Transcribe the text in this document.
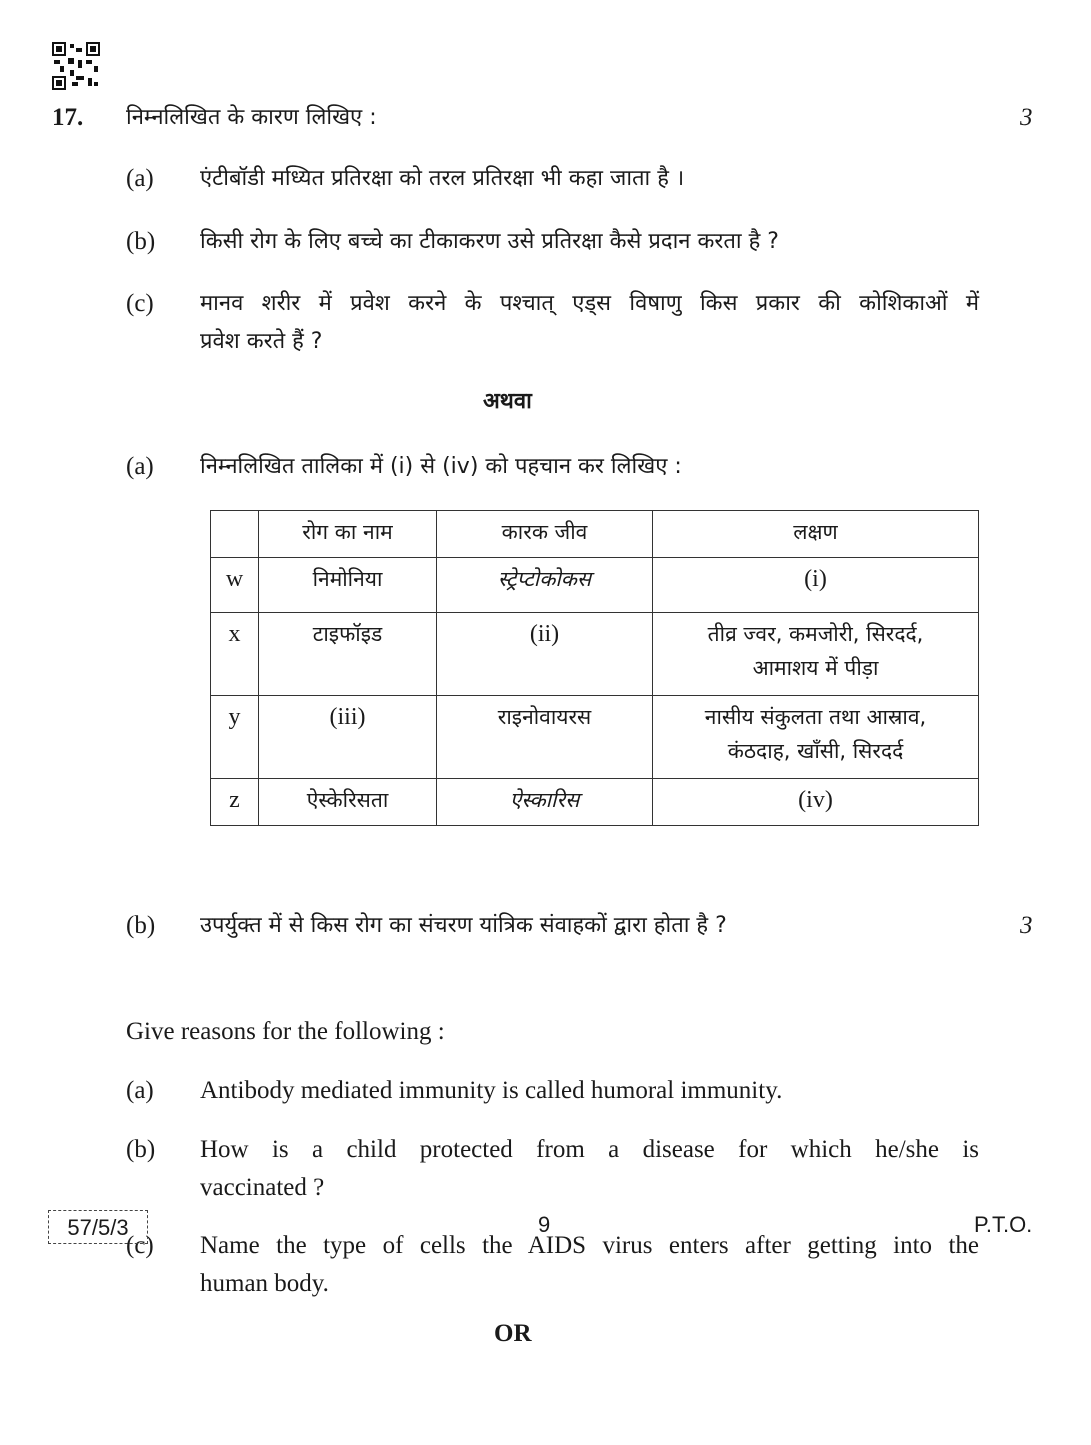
17. निम्नलिखित के कारण लिखिए :	3
(a) एंटीबॉडी मध्यित प्रतिरक्षा को तरल प्रतिरक्षा भी कहा जाता है ।
(b) किसी रोग के लिए बच्चे का टीकाकरण उसे प्रतिरक्षा कैसे प्रदान करता है ?
(c) मानव शरीर में प्रवेश करने के पश्चात् एड्स विषाणु किस प्रकार की कोशिकाओं में
प्रवेश करते हैं ?
अथवा
(a) निम्नलिखित तालिका में (i) से (iv) को पहचान कर लिखिए :
	रोग का नाम	कारक जीव	लक्षण
w	निमोनिया	स्ट्रेप्टोकोकस	(i)
x	टाइफॉइड	(ii)	तीव्र ज्वर, कमजोरी, सिरदर्द,
आमाशय में पीड़ा
y	(iii)	राइनोवायरस	नासीय संकुलता तथा आस्राव,
कंठदाह, खाँसी, सिरदर्द
z	ऐस्केरिसता	ऐस्कारिस	(iv)
(b) उपर्युक्त में से किस रोग का संचरण यांत्रिक संवाहकों द्वारा होता है ?	3
Give reasons for the following :
(a) Antibody mediated immunity is called humoral immunity.
(b) How is a child protected from a disease for which he/she is
vaccinated ?
(c) Name the type of cells the AIDS virus enters after getting into the
human body.
OR
57/5/3	9	P.T.O.
